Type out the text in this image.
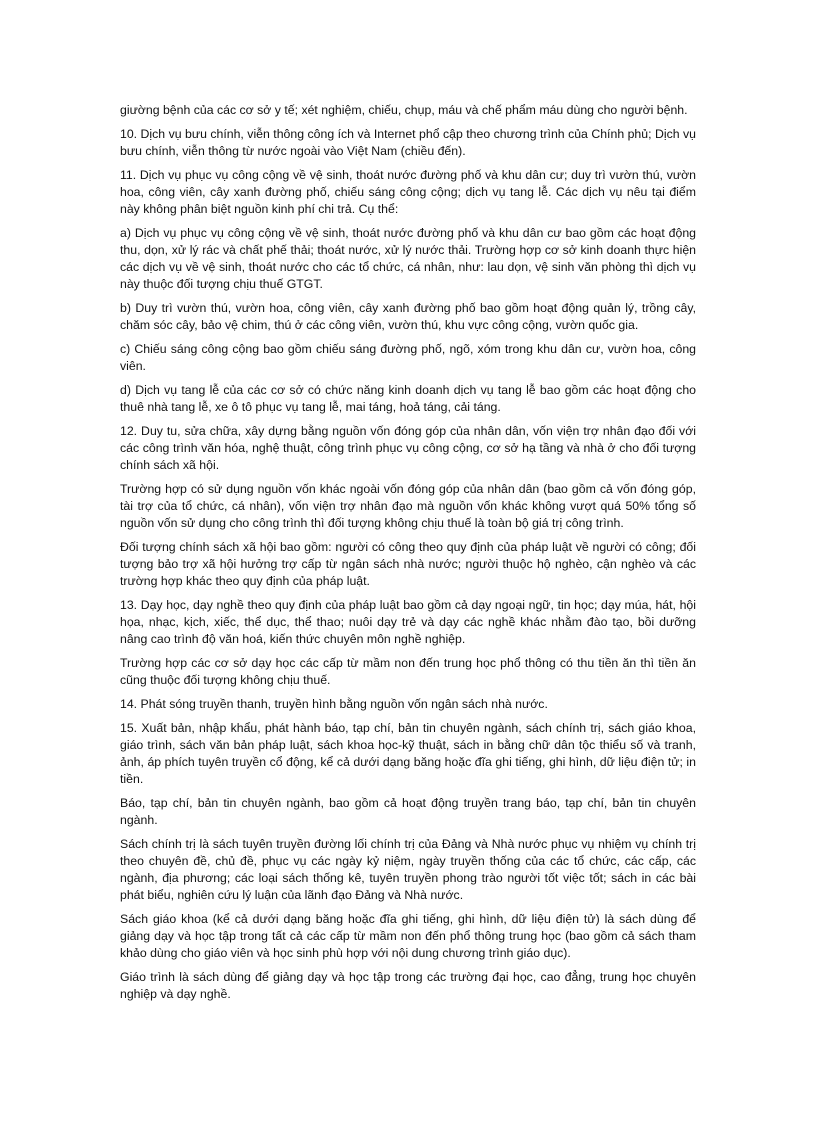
giường bệnh của các cơ sở y tế; xét nghiệm, chiếu, chụp, máu và chế phẩm máu dùng cho người bệnh.

10. Dịch vụ bưu chính, viễn thông công ích và Internet phổ cập theo chương trình của Chính phủ; Dịch vụ bưu chính, viễn thông từ nước ngoài vào Việt Nam (chiều đến).

11. Dịch vụ phục vụ công cộng về vệ sinh, thoát nước đường phố và khu dân cư; duy trì vườn thú, vườn hoa, công viên, cây xanh đường phố, chiếu sáng công cộng; dịch vụ tang lễ. Các dịch vụ nêu tại điểm này không phân biệt nguồn kinh phí chi trả. Cụ thể:

a) Dịch vụ phục vụ công cộng về vệ sinh, thoát nước đường phố và khu dân cư bao gồm các hoạt động thu, dọn, xử lý rác và chất phế thải; thoát nước, xử lý nước thải. Trường hợp cơ sở kinh doanh thực hiện các dịch vụ về vệ sinh, thoát nước cho các tổ chức, cá nhân, như: lau dọn, vệ sinh văn phòng thì dịch vụ này thuộc đối tượng chịu thuế GTGT.

b) Duy trì vườn thú, vườn hoa, công viên, cây xanh đường phố bao gồm hoạt động quản lý, trồng cây, chăm sóc cây, bảo vệ chim, thú ở các công viên, vườn thú, khu vực công cộng, vườn quốc gia.

c) Chiếu sáng công cộng bao gồm chiếu sáng đường phố, ngõ, xóm trong khu dân cư, vườn hoa, công viên.

d) Dịch vụ tang lễ của các cơ sở có chức năng kinh doanh dịch vụ tang lễ bao gồm các hoạt động cho thuê nhà tang lễ, xe ô tô phục vụ tang lễ, mai táng, hoả táng, cải táng.

12. Duy tu, sửa chữa, xây dựng bằng nguồn vốn đóng góp của nhân dân, vốn viện trợ nhân đạo đối với các công trình văn hóa, nghệ thuật, công trình phục vụ công cộng, cơ sở hạ tầng và nhà ở cho đối tượng chính sách xã hội.

Trường hợp có sử dụng nguồn vốn khác ngoài vốn đóng góp của nhân dân (bao gồm cả vốn đóng góp, tài trợ của tổ chức, cá nhân), vốn viện trợ nhân đạo mà nguồn vốn khác không vượt quá 50% tổng số nguồn vốn sử dụng cho công trình thì đối tượng không chịu thuế là toàn bộ giá trị công trình.

Đối tượng chính sách xã hội bao gồm: người có công theo quy định của pháp luật về người có công; đối tượng bảo trợ xã hội hưởng trợ cấp từ ngân sách nhà nước; người thuộc hộ nghèo, cận nghèo và các trường hợp khác theo quy định của pháp luật.

13. Dạy học, dạy nghề theo quy định của pháp luật bao gồm cả dạy ngoại ngữ, tin học; dạy múa, hát, hội họa, nhạc, kịch, xiếc, thể dục, thể thao; nuôi dạy trẻ và dạy các nghề khác nhằm đào tạo, bồi dưỡng nâng cao trình độ văn hoá, kiến thức chuyên môn nghề nghiệp.

Trường hợp các cơ sở dạy học các cấp từ mầm non đến trung học phổ thông có thu tiền ăn thì tiền ăn cũng thuộc đối tượng không chịu thuế.

14. Phát sóng truyền thanh, truyền hình bằng nguồn vốn ngân sách nhà nước.

15. Xuất bản, nhập khẩu, phát hành báo, tạp chí, bản tin chuyên ngành, sách chính trị, sách giáo khoa, giáo trình, sách văn bản pháp luật, sách khoa học-kỹ thuật, sách in bằng chữ dân tộc thiểu số và tranh, ảnh, áp phích tuyên truyền cổ động, kể cả dưới dạng băng hoặc đĩa ghi tiếng, ghi hình, dữ liệu điện tử; in tiền.

Báo, tạp chí, bản tin chuyên ngành, bao gồm cả hoạt động truyền trang báo, tạp chí, bản tin chuyên ngành.

Sách chính trị là sách tuyên truyền đường lối chính trị của Đảng và Nhà nước phục vụ nhiệm vụ chính trị theo chuyên đề, chủ đề, phục vụ các ngày kỷ niệm, ngày truyền thống của các tổ chức, các cấp, các ngành, địa phương; các loại sách thống kê, tuyên truyền phong trào người tốt việc tốt; sách in các bài phát biểu, nghiên cứu lý luận của lãnh đạo Đảng và Nhà nước.

Sách giáo khoa (kể cả dưới dạng băng hoặc đĩa ghi tiếng, ghi hình, dữ liệu điện tử) là sách dùng để giảng dạy và học tập trong tất cả các cấp từ mầm non đến phổ thông trung học (bao gồm cả sách tham khảo dùng cho giáo viên và học sinh phù hợp với nội dung chương trình giáo dục).

Giáo trình là sách dùng để giảng dạy và học tập trong các trường đại học, cao đẳng, trung học chuyên nghiệp và dạy nghề.
